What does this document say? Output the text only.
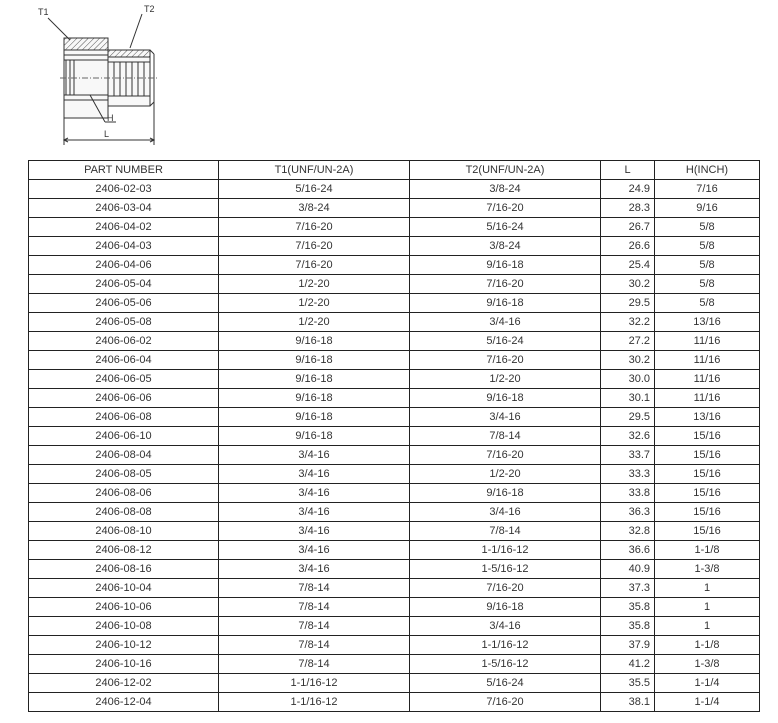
T1	T2
H
L
PART NUMBER	T1(UNF/UN-2A)	T2(UNF/UN-2A)	L	H(INCH)
2406-02-03	5/16-24	3/8-24	24.9	7/16
2406-03-04	3/8-24	7/16-20	28.3	9/16
2406-04-02	7/16-20	5/16-24	26.7	5/8
2406-04-03	7/16-20	3/8-24	26.6	5/8
2406-04-06	7/16-20	9/16-18	25.4	5/8
2406-05-04	1/2-20	7/16-20	30.2	5/8
2406-05-06	1/2-20	9/16-18	29.5	5/8
2406-05-08	1/2-20	3/4-16	32.2	13/16
2406-06-02	9/16-18	5/16-24	27.2	11/16
2406-06-04	9/16-18	7/16-20	30.2	11/16
2406-06-05	9/16-18	1/2-20	30.0	11/16
2406-06-06	9/16-18	9/16-18	30.1	11/16
2406-06-08	9/16-18	3/4-16	29.5	13/16
2406-06-10	9/16-18	7/8-14	32.6	15/16
2406-08-04	3/4-16	7/16-20	33.7	15/16
2406-08-05	3/4-16	1/2-20	33.3	15/16
2406-08-06	3/4-16	9/16-18	33.8	15/16
2406-08-08	3/4-16	3/4-16	36.3	15/16
2406-08-10	3/4-16	7/8-14	32.8	15/16
2406-08-12	3/4-16	1-1/16-12	36.6	1-1/8
2406-08-16	3/4-16	1-5/16-12	40.9	1-3/8
2406-10-04	7/8-14	7/16-20	37.3	1
2406-10-06	7/8-14	9/16-18	35.8	1
2406-10-08	7/8-14	3/4-16	35.8	1
2406-10-12	7/8-14	1-1/16-12	37.9	1-1/8
2406-10-16	7/8-14	1-5/16-12	41.2	1-3/8
2406-12-02	1-1/16-12	5/16-24	35.5	1-1/4
2406-12-04	1-1/16-12	7/16-20	38.1	1-1/4
